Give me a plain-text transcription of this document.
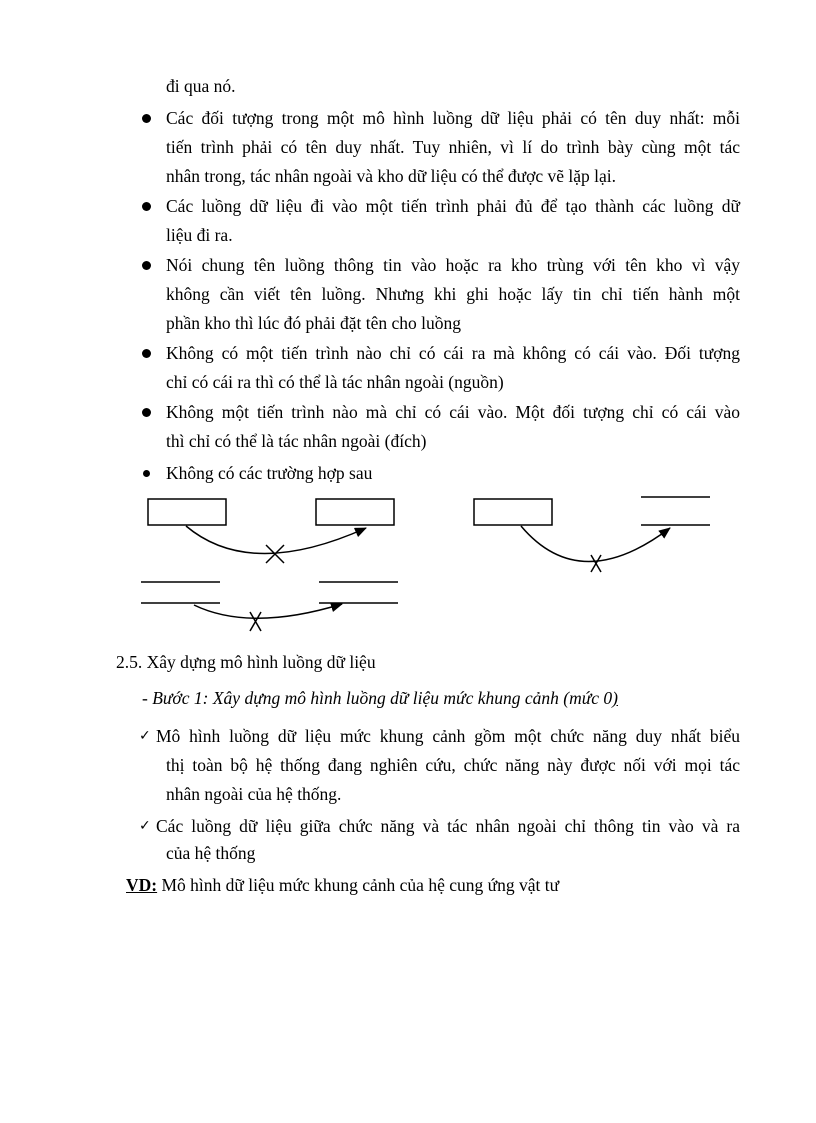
đi qua nó.
Các đối tượng trong một mô hình luồng dữ liệu phải có tên duy nhất: mỗi
tiến trình phải có tên duy nhất. Tuy nhiên, vì lí do trình bày cùng một tác
nhân trong, tác nhân ngoài và kho dữ liệu có thể được vẽ lặp lại.
Các luồng dữ liệu đi vào một tiến trình phải đủ để tạo thành các luồng dữ
liệu đi ra.
Nói chung tên luồng thông tin vào hoặc ra kho trùng với tên kho vì vậy
không cần viết tên luồng. Nhưng khi ghi hoặc lấy tin chỉ tiến hành một
phần kho thì lúc đó phải đặt tên cho luồng
Không có một tiến trình nào chỉ có cái ra mà không có cái vào. Đối tượng
chỉ có cái ra thì có thể là tác nhân ngoài (nguồn)
Không một tiến trình nào mà chỉ có cái vào. Một đối tượng chỉ có cái vào
thì chỉ có thể là tác nhân ngoài (đích)
Không có các trường hợp sau
2.5. Xây dựng mô hình luồng dữ liệu
- Bước 1: Xây dựng mô hình luồng dữ liệu mức khung cảnh (mức 0)
✓ Mô hình luồng dữ liệu mức khung cảnh gồm một chức năng duy nhất biểu
thị toàn bộ hệ thống đang nghiên cứu, chức năng này được nối với mọi tác
nhân ngoài của hệ thống.
✓ Các luồng dữ liệu giữa chức năng và tác nhân ngoài chỉ thông tin vào và ra
của hệ thống
VD: Mô hình dữ liệu mức khung cảnh của hệ cung ứng vật tư
